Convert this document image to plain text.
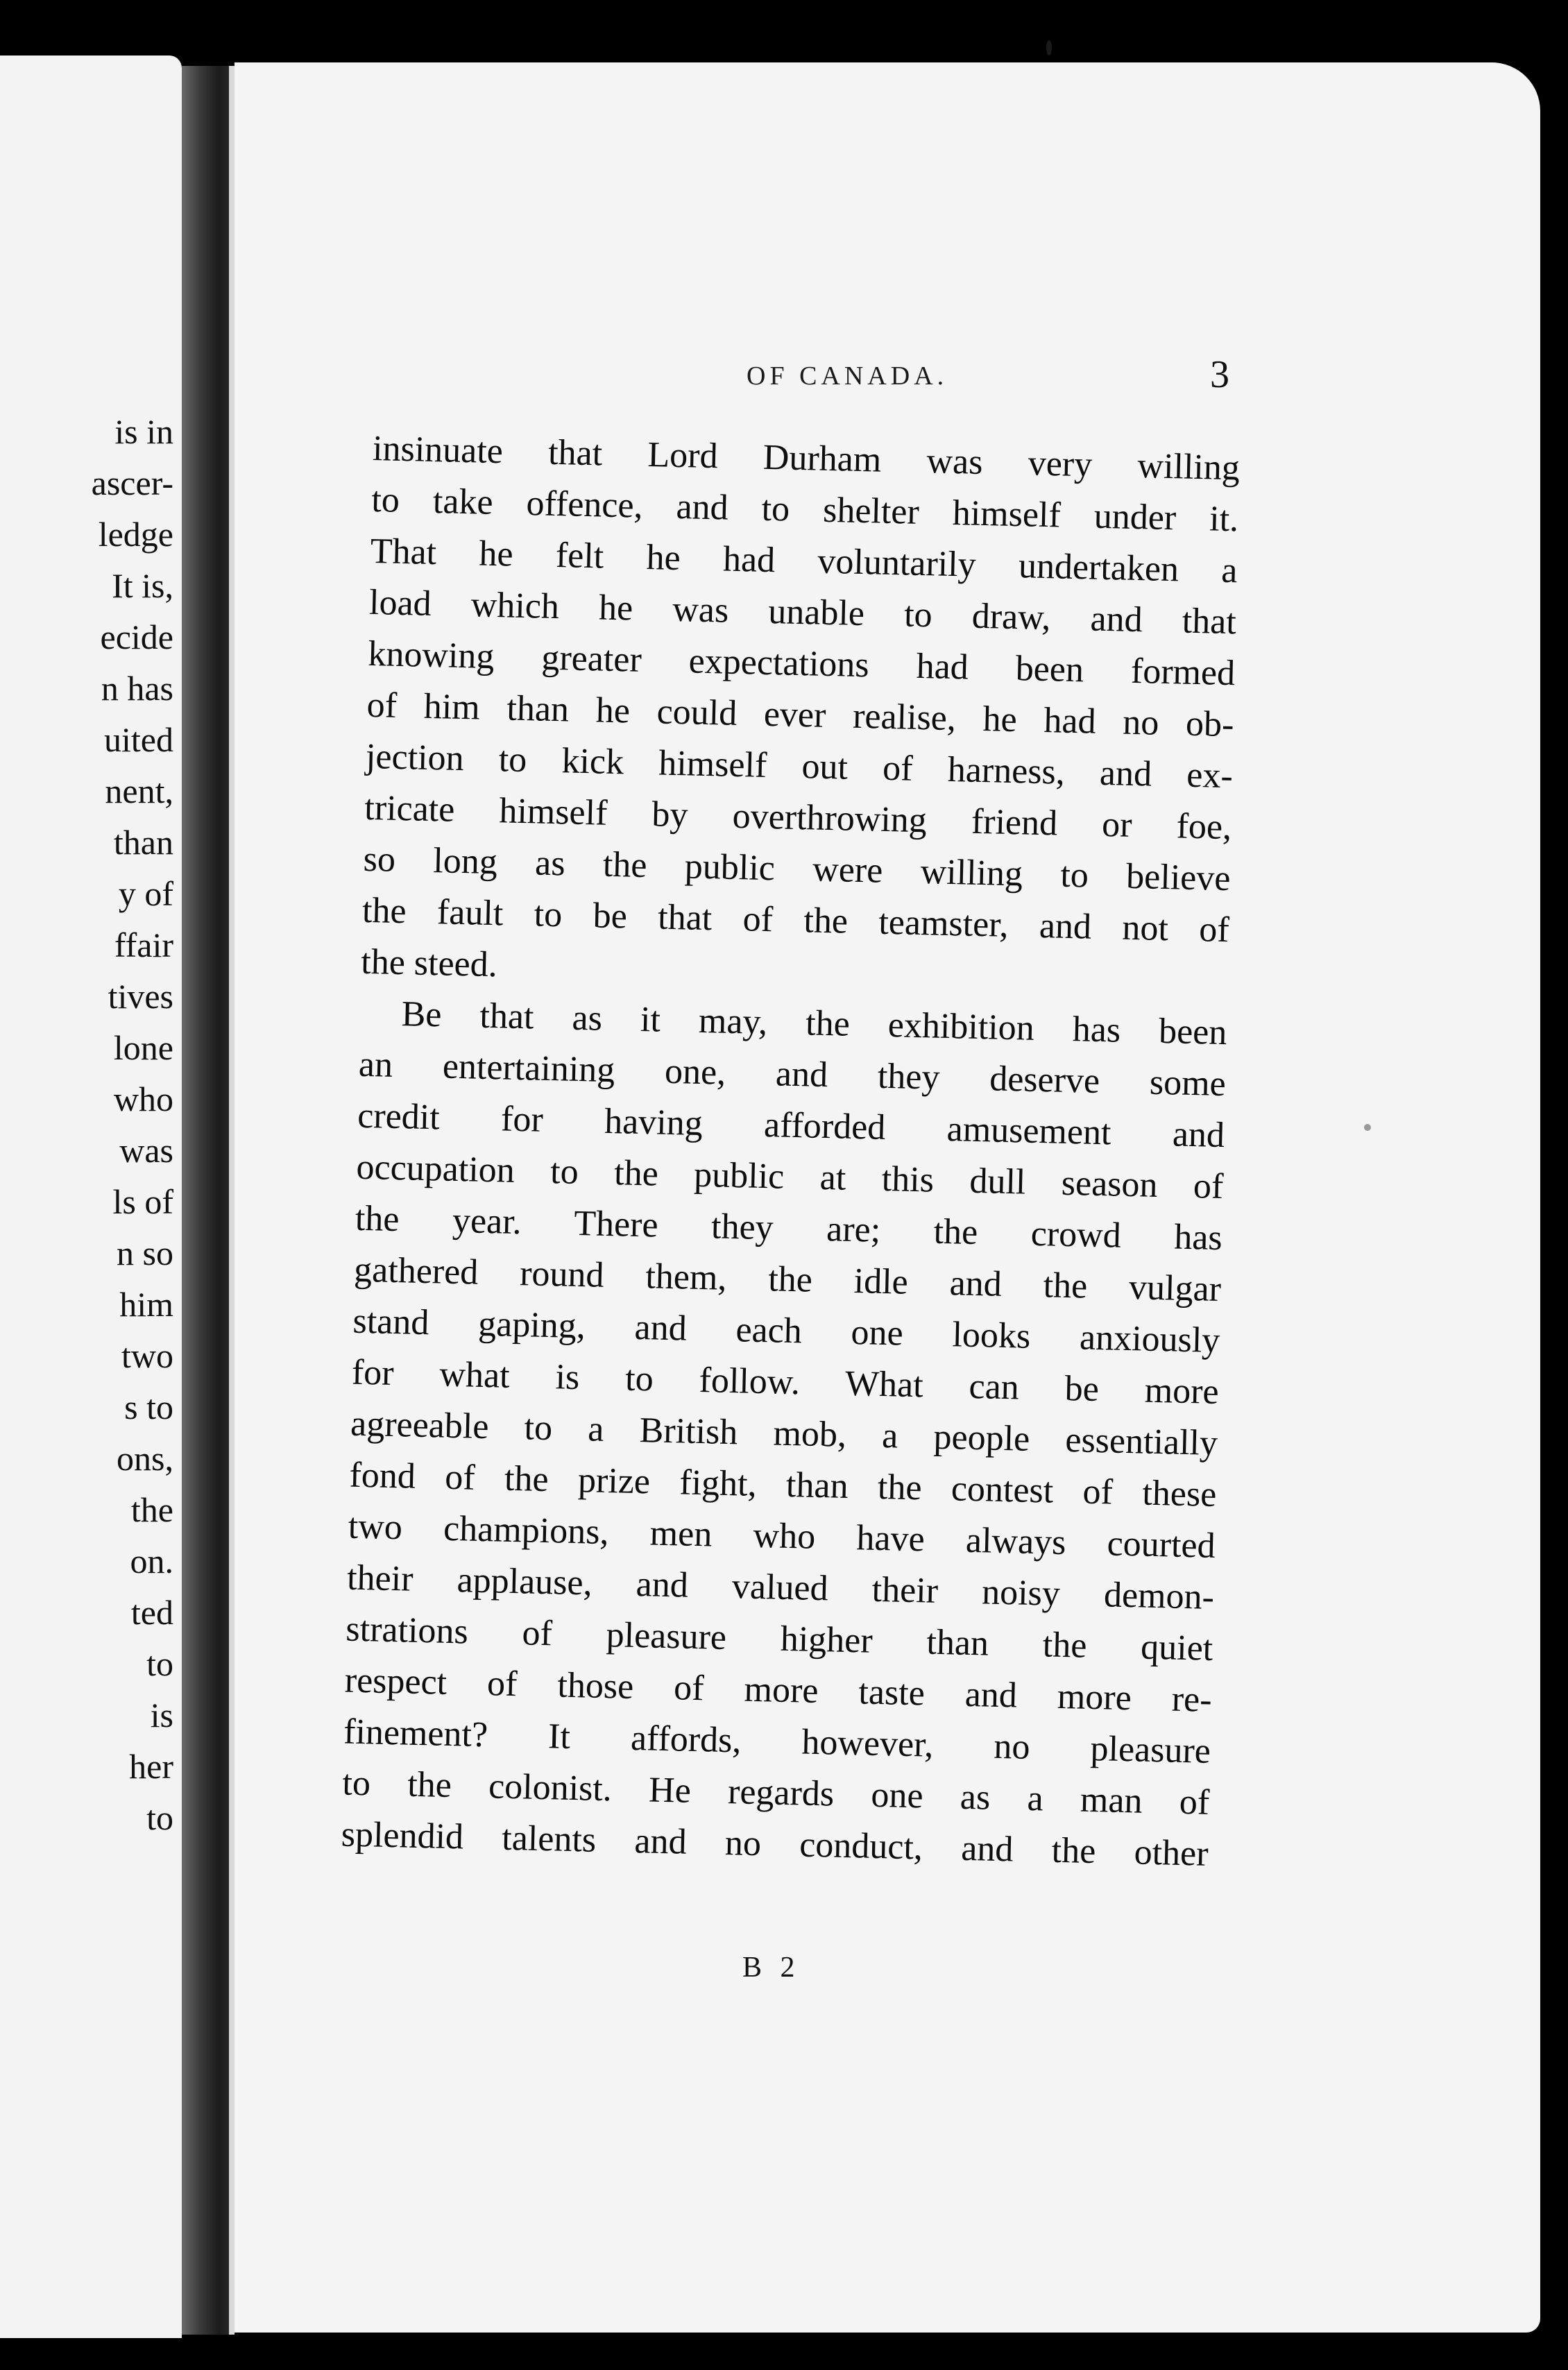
is in
ascer-
ledge
It is,
ecide
n has
uited
nent,
than
y of
ffair
tives
lone
who
was
ls of
n so
him
two
s to
ons,
the
on.
ted
to
is
her
to
OF CANADA.	3
insinuate that Lord Durham was very willing
to take offence, and to shelter himself under it.
That he felt he had voluntarily undertaken a
load which he was unable to draw, and that
knowing greater expectations had been formed
of him than he could ever realise, he had no ob-
jection to kick himself out of harness, and ex-
tricate himself by overthrowing friend or foe,
so long as the public were willing to believe
the fault to be that of the teamster, and not of
the steed.
Be that as it may, the exhibition has been
an entertaining one, and they deserve some
credit for having afforded amusement and
occupation to the public at this dull season of
the year. There they are; the crowd has
gathered round them, the idle and the vulgar
stand gaping, and each one looks anxiously
for what is to follow. What can be more
agreeable to a British mob, a people essentially
fond of the prize fight, than the contest of these
two champions, men who have always courted
their applause, and valued their noisy demon-
strations of pleasure higher than the quiet
respect of those of more taste and more re-
finement? It affords, however, no pleasure
to the colonist. He regards one as a man of
splendid talents and no conduct, and the other
B 2
